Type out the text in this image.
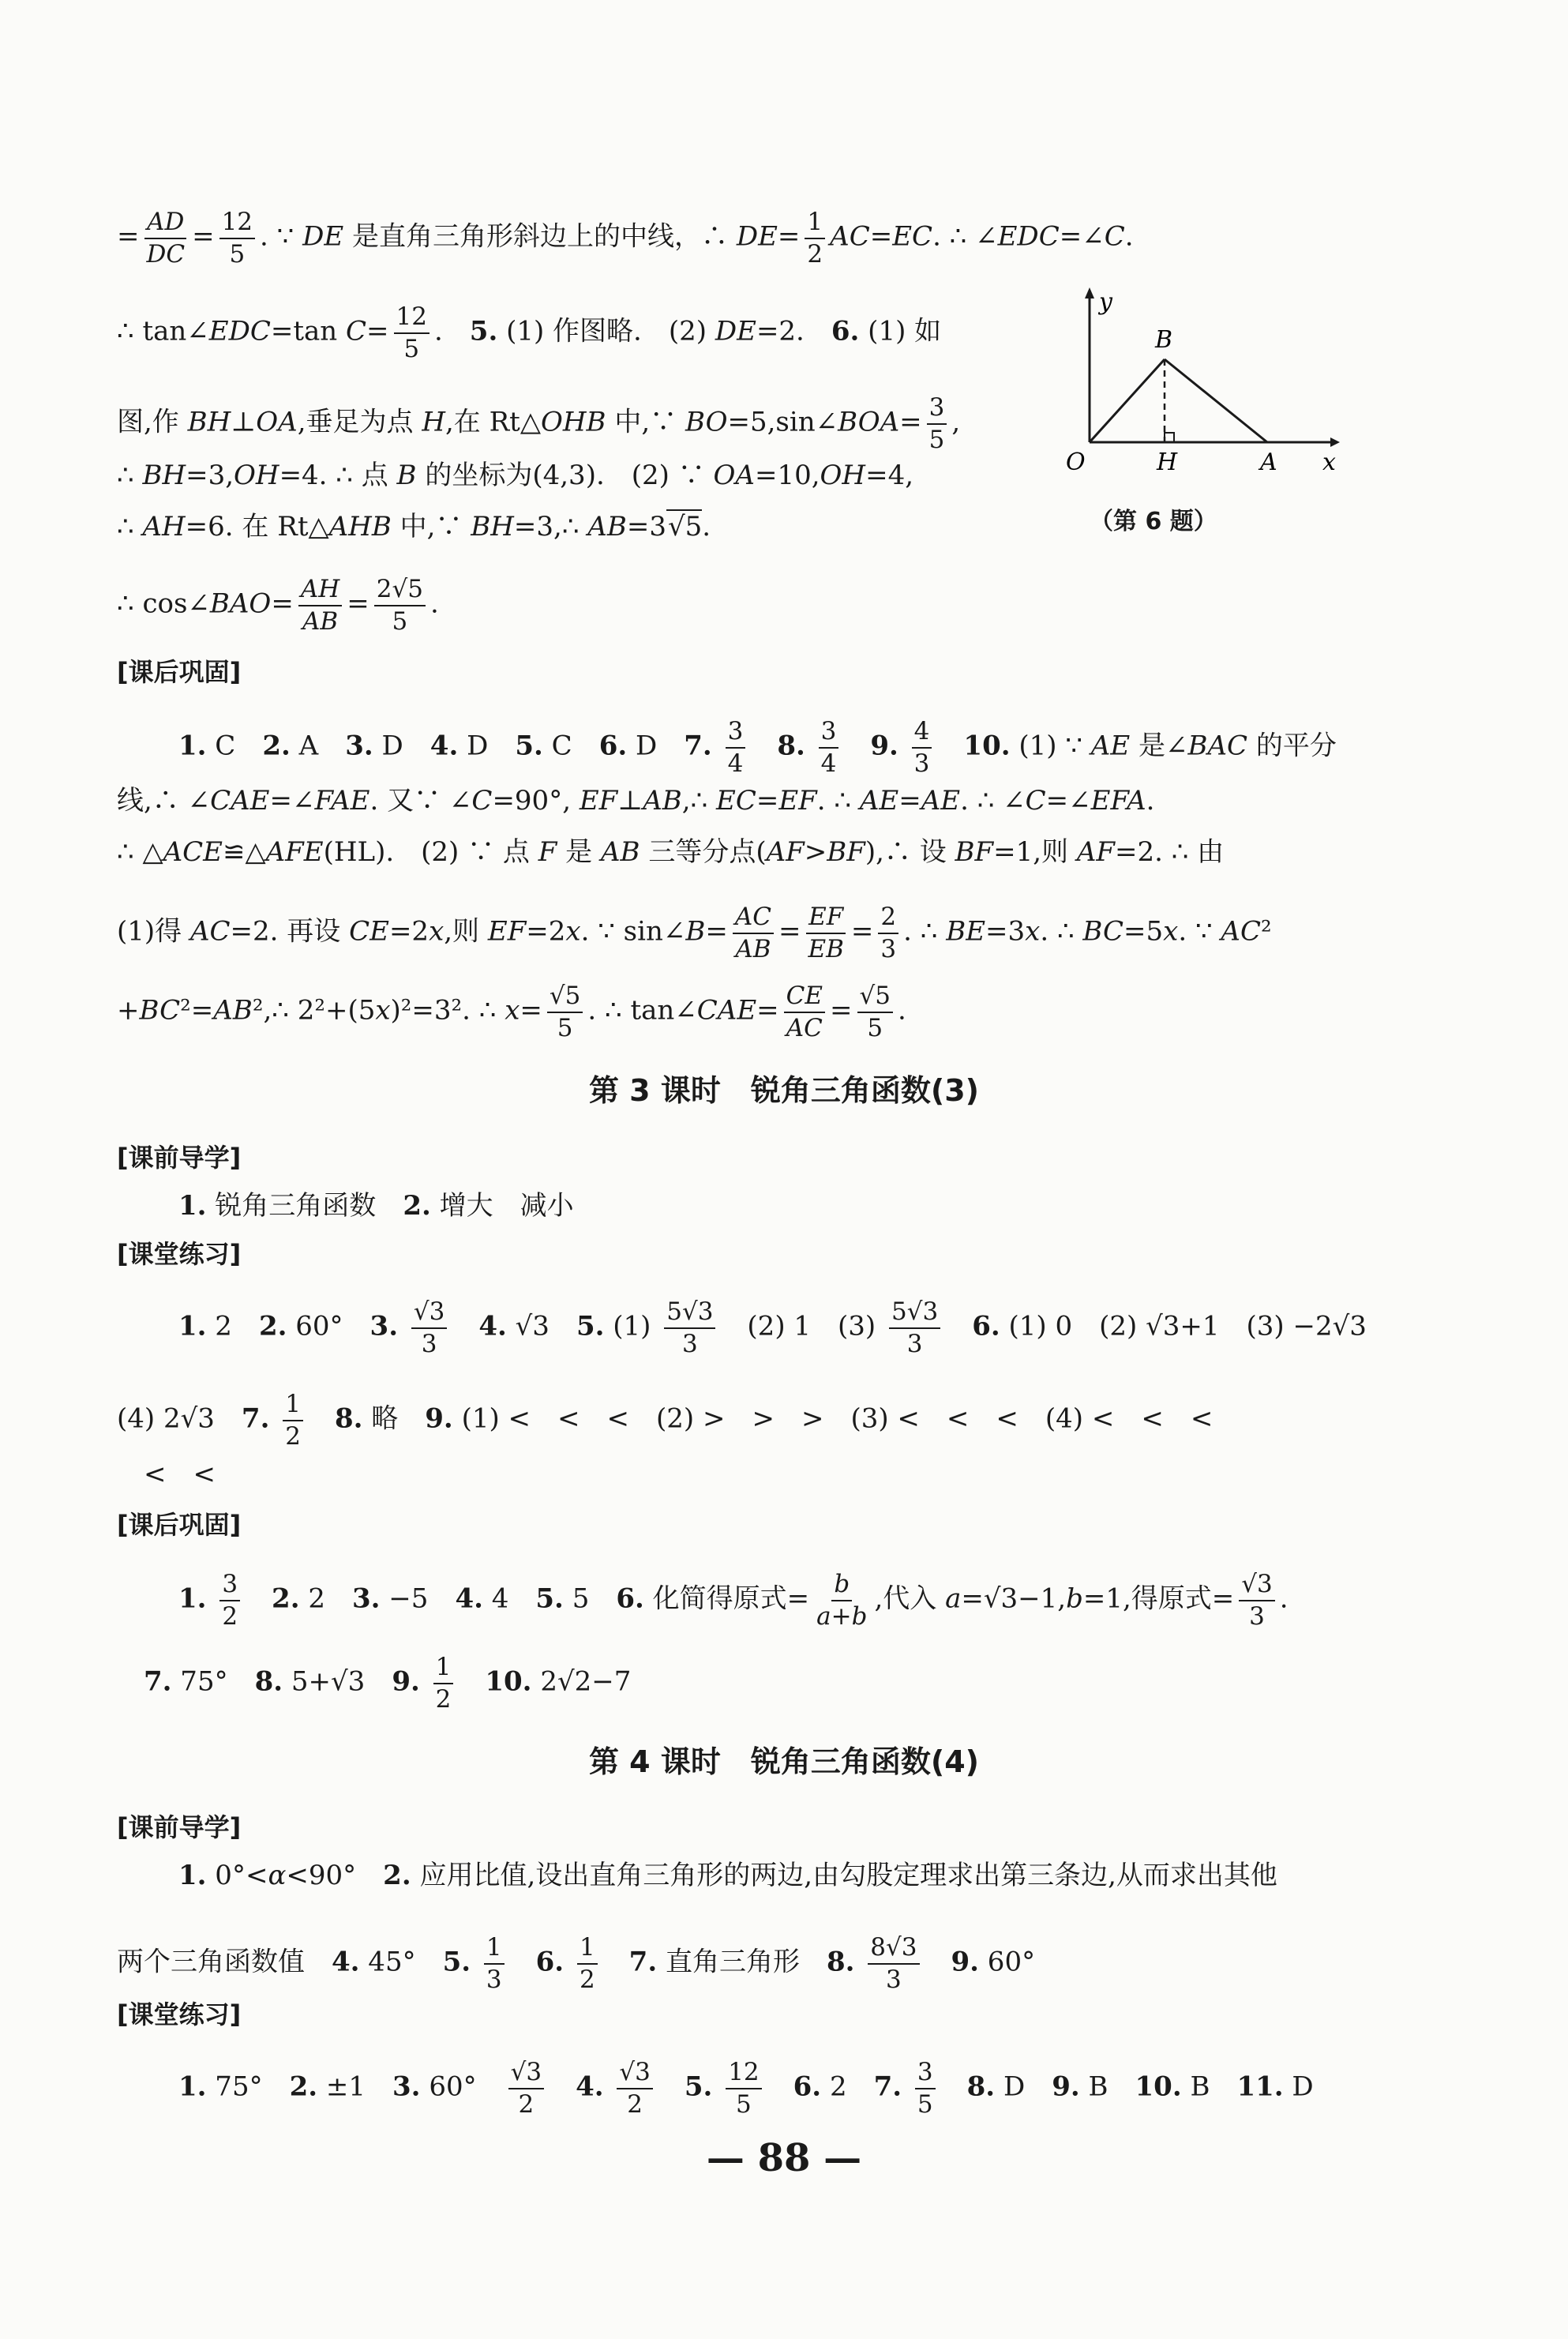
= $\frac{AD}{DC} = \frac{12}{5}$ . ∵ DE 是直角三角形斜边上的中线，∴ $DE= \frac{1}{2} AC=EC$. ∴ ∠EDC=∠C.
∴ tan∠EDC=tan $C= \frac{12}{5}$ .　5. (1) 作图略.　(2) DE=2.　6. (1) 如
图,作 BH⊥OA,垂足为点 H,在 Rt△OHB 中,∵ BO=5,sin∠BOA= $\frac{3}{5}$ ,
∴ BH=3,OH=4. ∴ 点 B 的坐标为(4,3).　(2) ∵ OA=10,OH=4,
∴ AH=6. 在 Rt△AHB 中,∵ BH=3,∴ AB=3√5.
∴ cos∠BAO= $\frac{AH}{AB} = \frac{2√5}{5}$ .
y
x
O	H	A
B
（第 6 题）
[课后巩固]
1. C　2. A　3. D　4. D　5. C　6. D　7. $\frac{3}{4}$
　 8. $\frac{3}{4}$
　 9. $\frac{4}{3}$
　 10. (1) ∵ AE 是∠BAC 的平分
线,∴ ∠CAE=∠FAE. 又∵ ∠C=90°, EF⊥AB,∴ EC=EF. ∴ AE=AE. ∴ ∠C=∠EFA.
∴ △ACE≌△AFE(HL).　(2) ∵ 点 F 是 AB 三等分点(AF>BF),∴ 设 BF=1,则 AF=2. ∴ 由
(1)得 AC=2. 再设 CE=2x,则 EF=2x. ∵ sin∠B= $\frac{AC}{AB} = \frac{EF}{EB} = \frac{2}{3}$ . ∴ BE=3x. ∴ BC=5x. ∵ AC²
+BC²=AB²,∴ 2²+(5x)²=3². ∴ $x= \frac{√5}{5}$ . ∴ tan∠CAE= $\frac{CE}{AC} = \frac{√5}{5}$ .
第 3 课时　锐角三角函数(3)
[课前导学]
1. 锐角三角函数　2. 增大　减小
[课堂练习]
1. 2　2. 60°　3. $\frac{√3}{3}$
　 4. √3　5. $(1) \frac{5√3}{3}$ 　(2) 1　$(3) \frac{5√3}{3}$
　 6. (1) 0　(2) √3+1　(3) −2√3
(4) 2√3　7. $\frac{1}{2}$
　 8. 略　9. (1) <　<　<　(2) >　>　>　(3) <　<　<　(4) <　<　<
　<　<
[课后巩固]
1. $\frac{3}{2}$
　 2. 2　3. −5　4. 4　5. 5　6. 化简得原式= $\frac{b}{a+b}$ ,代入 a=√3−1,b=1,得原式= $\frac{√3}{3}$ .
　7. 75°　8. 5+√3　9. $\frac{1}{2}$
　 10. 2√2−7
第 4 课时　锐角三角函数(4)
[课前导学]
1. 0°<α<90°　2. 应用比值,设出直角三角形的两边,由勾股定理求出第三条边,从而求出其他
两个三角函数值　4. 45°　5. $\frac{1}{3}$
　 6. $\frac{1}{2}$
　 7. 直角三角形　8. $\frac{8√3}{3}$
　 9. 60°
[课堂练习]
1. 75°　2. ±1　3. 60°　 $\frac{√3}{2}$
　 4. $\frac{√3}{2}$
　 5. $\frac{12}{5}$
　 6. 2　7. $\frac{3}{5}$
　 8. D　9. B　10. B　11. D
— 88 —
